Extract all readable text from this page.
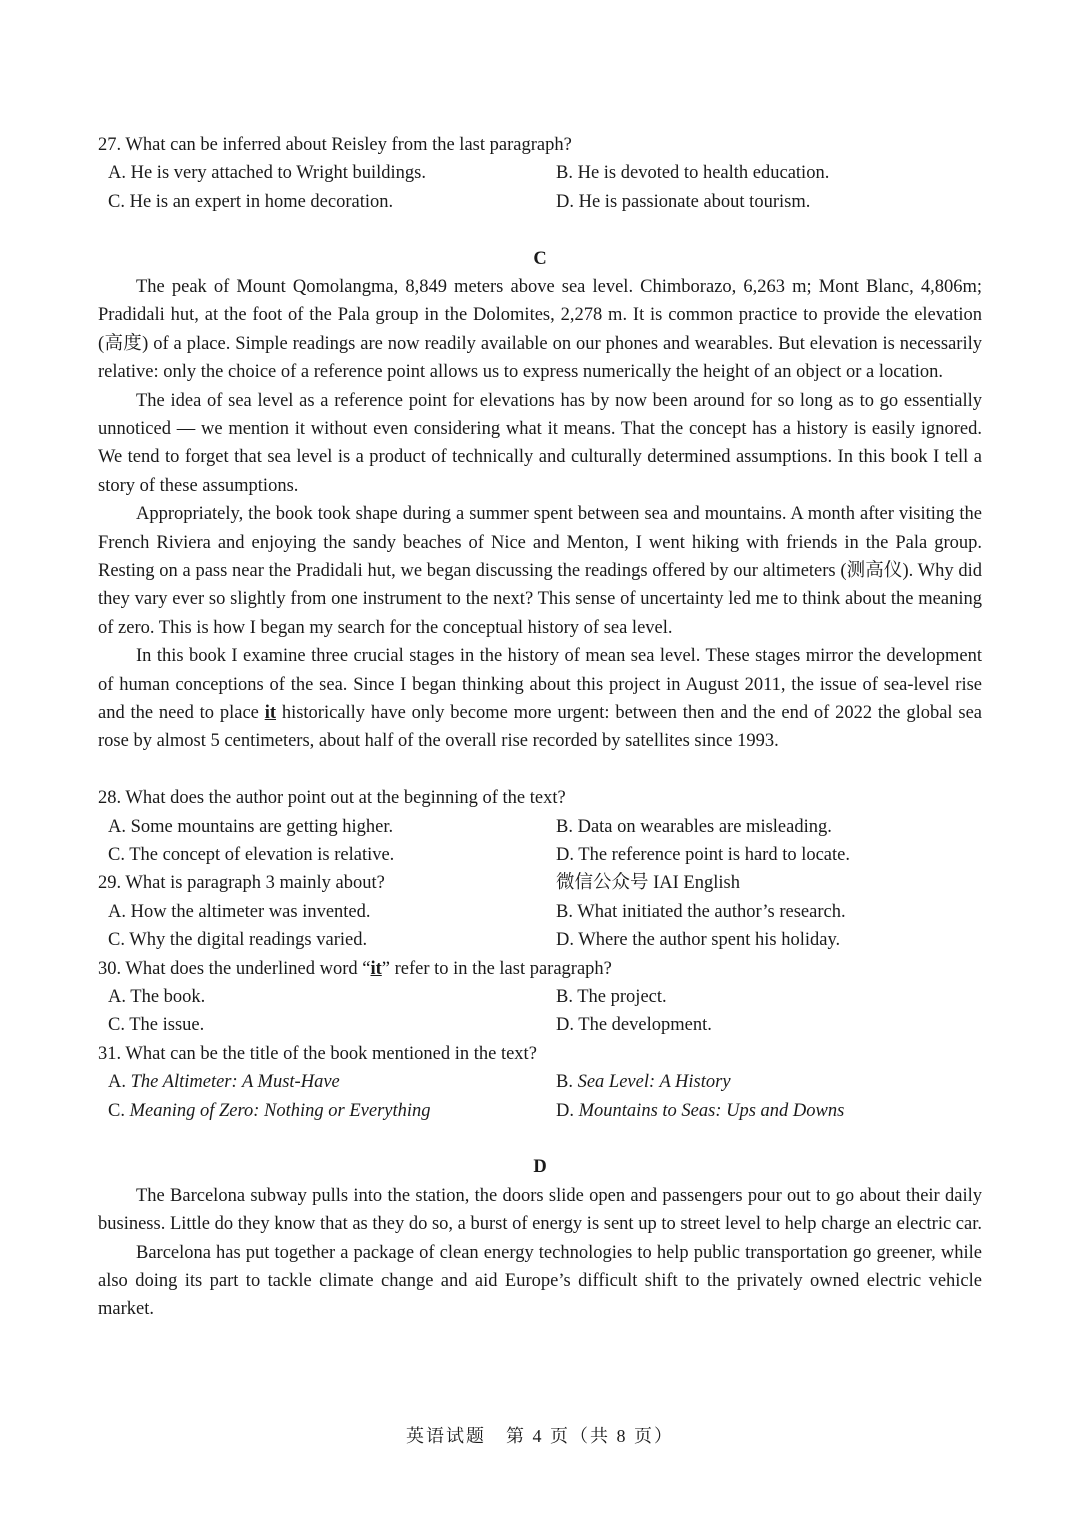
27. What can be inferred about Reisley from the last paragraph?
A. He is very attached to Wright buildings.	B. He is devoted to health education.
C. He is an expert in home decoration.	D. He is passionate about tourism.
C

The peak of Mount Qomolangma, 8,849 meters above sea level. Chimborazo, 6,263 m; Mont Blanc, 4,806m; Pradidali hut, at the foot of the Pala group in the Dolomites, 2,278 m. It is common practice to provide the elevation (高度) of a place. Simple readings are now readily available on our phones and wearables. But elevation is necessarily relative: only the choice of a reference point allows us to express numerically the height of an object or a location.

The idea of sea level as a reference point for elevations has by now been around for so long as to go essentially unnoticed — we mention it without even considering what it means. That the concept has a history is easily ignored. We tend to forget that sea level is a product of technically and culturally determined assumptions. In this book I tell a story of these assumptions.

Appropriately, the book took shape during a summer spent between sea and mountains. A month after visiting the French Riviera and enjoying the sandy beaches of Nice and Menton, I went hiking with friends in the Pala group. Resting on a pass near the Pradidali hut, we began discussing the readings offered by our altimeters (测高仪). Why did they vary ever so slightly from one instrument to the next? This sense of uncertainty led me to think about the meaning of zero. This is how I began my search for the conceptual history of sea level.

In this book I examine three crucial stages in the history of mean sea level. These stages mirror the development of human conceptions of the sea. Since I began thinking about this project in August 2011, the issue of sea-level rise and the need to place it historically have only become more urgent: between then and the end of 2022 the global sea rose by almost 5 centimeters, about half of the overall rise recorded by satellites since 1993.

28. What does the author point out at the beginning of the text?
A. Some mountains are getting higher.	B. Data on wearables are misleading.
C. The concept of elevation is relative.	D. The reference point is hard to locate.
29. What is paragraph 3 mainly about?	微信公众号 IAI English
A. How the altimeter was invented.	B. What initiated the author’s research.
C. Why the digital readings varied.	D. Where the author spent his holiday.
30. What does the underlined word “it” refer to in the last paragraph?
A. The book.	B. The project.
C. The issue.	D. The development.
31. What can be the title of the book mentioned in the text?
A. The Altimeter: A Must-Have	B. Sea Level: A History
C. Meaning of Zero: Nothing or Everything	D. Mountains to Seas: Ups and Downs
D

The Barcelona subway pulls into the station, the doors slide open and passengers pour out to go about their daily business. Little do they know that as they do so, a burst of energy is sent up to street level to help charge an electric car.

Barcelona has put together a package of clean energy technologies to help public transportation go greener, while also doing its part to tackle climate change and aid Europe’s difficult shift to the privately owned electric vehicle market.

英语试题　第 4 页（共 8 页）
